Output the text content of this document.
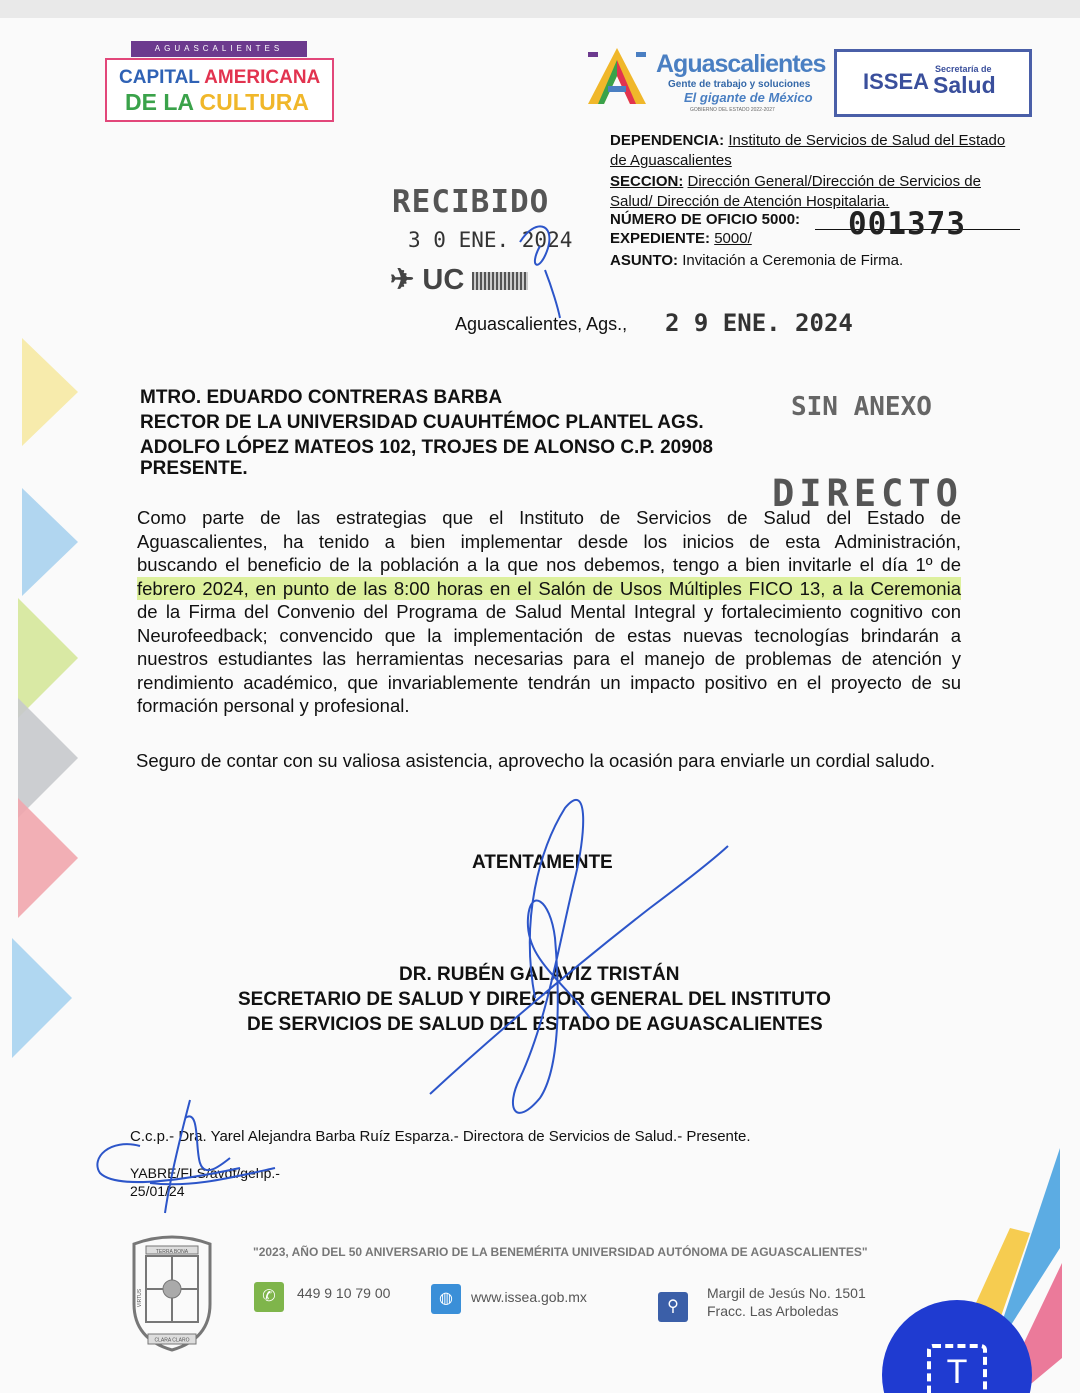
AGUASCALIENTES
CAPITAL AMERICANA
DE LA CULTURA
Aguascalientes
Gente de trabajo y soluciones
El gigante de México
GOBIERNO DEL ESTADO 2022-2027
ISSEA Secretaría de
Salud
DEPENDENCIA: Instituto de Servicios de Salud del Estado
de Aguascalientes
SECCION: Dirección General/Dirección de Servicios de
Salud/ Dirección de Atención Hospitalaria.
NÚMERO DE OFICIO 5000: 001373
EXPEDIENTE: 5000/
ASUNTO: Invitación a Ceremonia de Firma.
RECIBIDO
3 0 ENE. 2024
✈ UC
Aguascalientes, Ags., 2 9 ENE. 2024
MTRO. EDUARDO CONTRERAS BARBA
RECTOR DE LA UNIVERSIDAD CUAUHTÉMOC PLANTEL AGS.
ADOLFO LÓPEZ MATEOS 102, TROJES DE ALONSO C.P. 20908
PRESENTE.
SIN ANEXO
DIRECTO
Como parte de las estrategias que el Instituto de Servicios de Salud del Estado de
Aguascalientes, ha tenido a bien implementar desde los inicios de esta Administración,
buscando el beneficio de la población a la que nos debemos, tengo a bien invitarle el día 1º de
febrero 2024, en punto de las 8:00 horas en el Salón de Usos Múltiples FICO 13, a la Ceremonia
de la Firma del Convenio del Programa de Salud Mental Integral y fortalecimiento cognitivo con
Neurofeedback; convencido que la implementación de estas nuevas tecnologías brindarán a
nuestros estudiantes las herramientas necesarias para el manejo de problemas de atención y
rendimiento académico, que invariablemente tendrán un impacto positivo en el proyecto de su
formación personal y profesional.
Seguro de contar con su valiosa asistencia, aprovecho la ocasión para enviarle un cordial saludo.
ATENTAMENTE
DR. RUBÉN GALAVIZ TRISTÁN
SECRETARIO DE SALUD Y DIRECTOR GENERAL DEL INSTITUTO
DE SERVICIOS DE SALUD DEL ESTADO DE AGUASCALIENTES
C.c.p.- Dra. Yarel Alejandra Barba Ruíz Esparza.- Directora de Servicios de Salud.- Presente.
YABRE/FLS/avdf/gehp.-
25/01/24
"2023, AÑO DEL 50 ANIVERSARIO DE LA BENEMÉRITA UNIVERSIDAD AUTÓNOMA DE AGUASCALIENTES"
TERRA BONA
CLARA CLARO
VIRTUS	✆	449 9 10 79 00	◍	www.issea.gob.mx
⚲
Margil de Jesús No. 1501
Fracc. Las Arboledas
T
